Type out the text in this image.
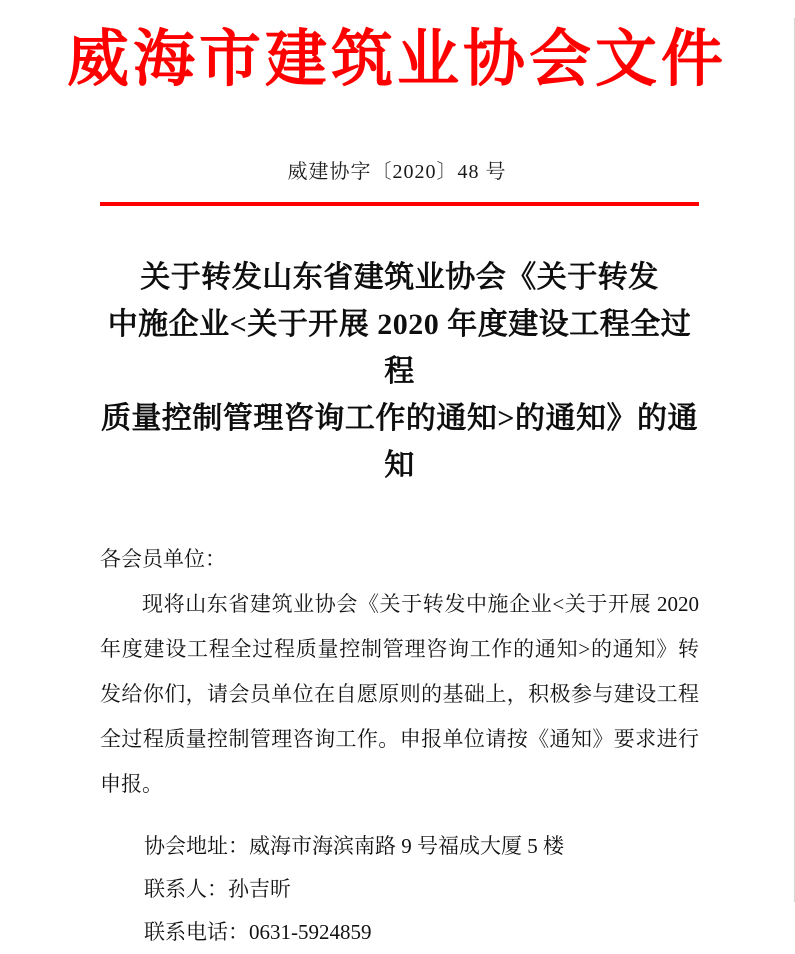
威海市建筑业协会文件
威建协字〔2020〕48 号
关于转发山东省建筑业协会《关于转发
中施企业<关于开展 2020 年度建设工程全过程
质量控制管理咨询工作的通知>的通知》的通知
各会员单位：
现将山东省建筑业协会《关于转发中施企业<关于开展 2020
年度建设工程全过程质量控制管理咨询工作的通知>的通知》转
发给你们，请会员单位在自愿原则的基础上，积极参与建设工程
全过程质量控制管理咨询工作。申报单位请按《通知》要求进行
申报。
协会地址：威海市海滨南路 9 号福成大厦 5 楼
联系人：孙吉昕
联系电话：0631-5924859
